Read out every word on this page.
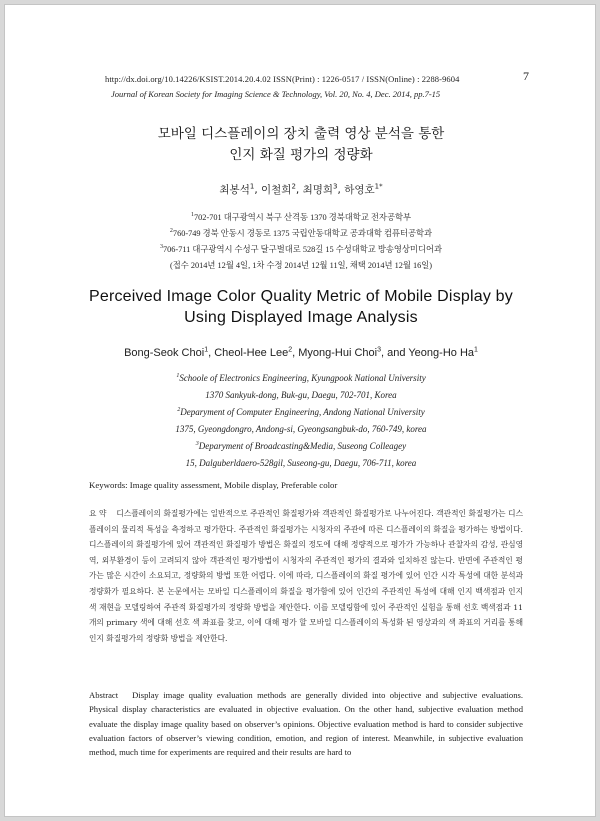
http://dx.doi.org/10.14226/KSIST.2014.20.4.02 ISSN(Print) : 1226-0517 / ISSN(Online) : 2288-9604	7
Journal of Korean Society for Imaging Science & Technology, Vol. 20, No. 4, Dec. 2014, pp.7-15
모바일 디스플레이의 장치 출력 영상 분석을 통한
인지 화질 평가의 정량화
최봉석$^1$, 이철희$^2$, 최명희$^3$, 하영호$^{1*}$
$^1$702-701 대구광역시 북구 산격동 1370 경북대학교 전자공학부
$^2$760-749 경북 안동시 경동로 1375 국립안동대학교 공과대학 컴퓨터공학과
$^3$706-711 대구광역시 수성구 달구벌대로 528길 15 수성대학교 방송영상미디어과
(접수 2014년 12월 4일, 1차 수정 2014년 12월 11일, 채택 2014년 12월 16일)
Perceived Image Color Quality Metric of Mobile Display by
Using Displayed Image Analysis
Bong-Seok Choi$^1$, Cheol-Hee Lee$^2$, Myong-Hui Choi$^3$, and Yeong-Ho Ha$^1$
$^1$Schoole of Electronics Engineering, Kyungpook National University
1370 Sankyuk-dong, Buk-gu, Daegu, 702-701, Korea
$^2$Deparyment of Computer Engineering, Andong National University
1375, Gyeongdongro, Andong-si, Gyeongsangbuk-do, 760-749, korea
$^3$Deparyment of Broadcasting&Media, Suseong Colleagey
15, Dalguberldaero-528gil, Suseong-gu, Daegu, 706-711, korea
Keywords: Image quality assessment, Mobile display, Preferable color
요 약 디스플레이의 화질평가에는 일반적으로 주관적인 화질평가와 객관적인 화질평가로 나누어진다. 객관적인 화질평가는 디스플레이의 물리적 특성을 측정하고 평가한다. 주관적인 화질평가는 시청자의 주관에 따른 디스플레이의 화질을 평가하는 방법이다. 디스플레이의 화질평가에 있어 객관적인 화질평가 방법은 화질의 정도에 대해 정량적으로 평가가 가능하나 관찰자의 감성, 관심영역, 외부환경이 등이 고려되지 않아 객관적인 평가방법이 시청자의 주관적인 평가의 결과와 일치하진 않는다. 반면에 주관적인 평가는 많은 시간이 소요되고, 정량화의 방법 또한 어렵다. 이에 따라, 디스플레이의 화질 평가에 있어 인간 시각 특성에 대한 분석과 정량화가 필요하다. 본 논문에서는 모바일 디스플레이의 화질을 평가함에 있어 인간의 주관적인 특성에 대해 인지 백색점과 인지 색 재현을 모델링하여 주관적 화질평가의 정량화 방법을 제안한다. 이를 모델링함에 있어 주관적인 실험을 통해 선호 백색점과 11개의 primary 색에 대해 선호 색 좌표를 찾고, 이에 대해 평가 할 모바일 디스플레이의 특성화 된 영상과의 색 좌표의 거리를 통해 인지 화질평가의 정량화 방법을 제안한다.
Abstract Display image quality evaluation methods are generally divided into objective and subjective evaluations. Physical display characteristics are evaluated in objective evaluation. On the other hand, subjective evaluation method evaluate the display image quality based on observer’s opinions. Objective evaluation method is hard to consider subjective evaluation factors of observer’s viewing condition, emotion, and region of interest. Meanwhile, in subjective evaluation method, much time for experiments are required and their results are hard to
